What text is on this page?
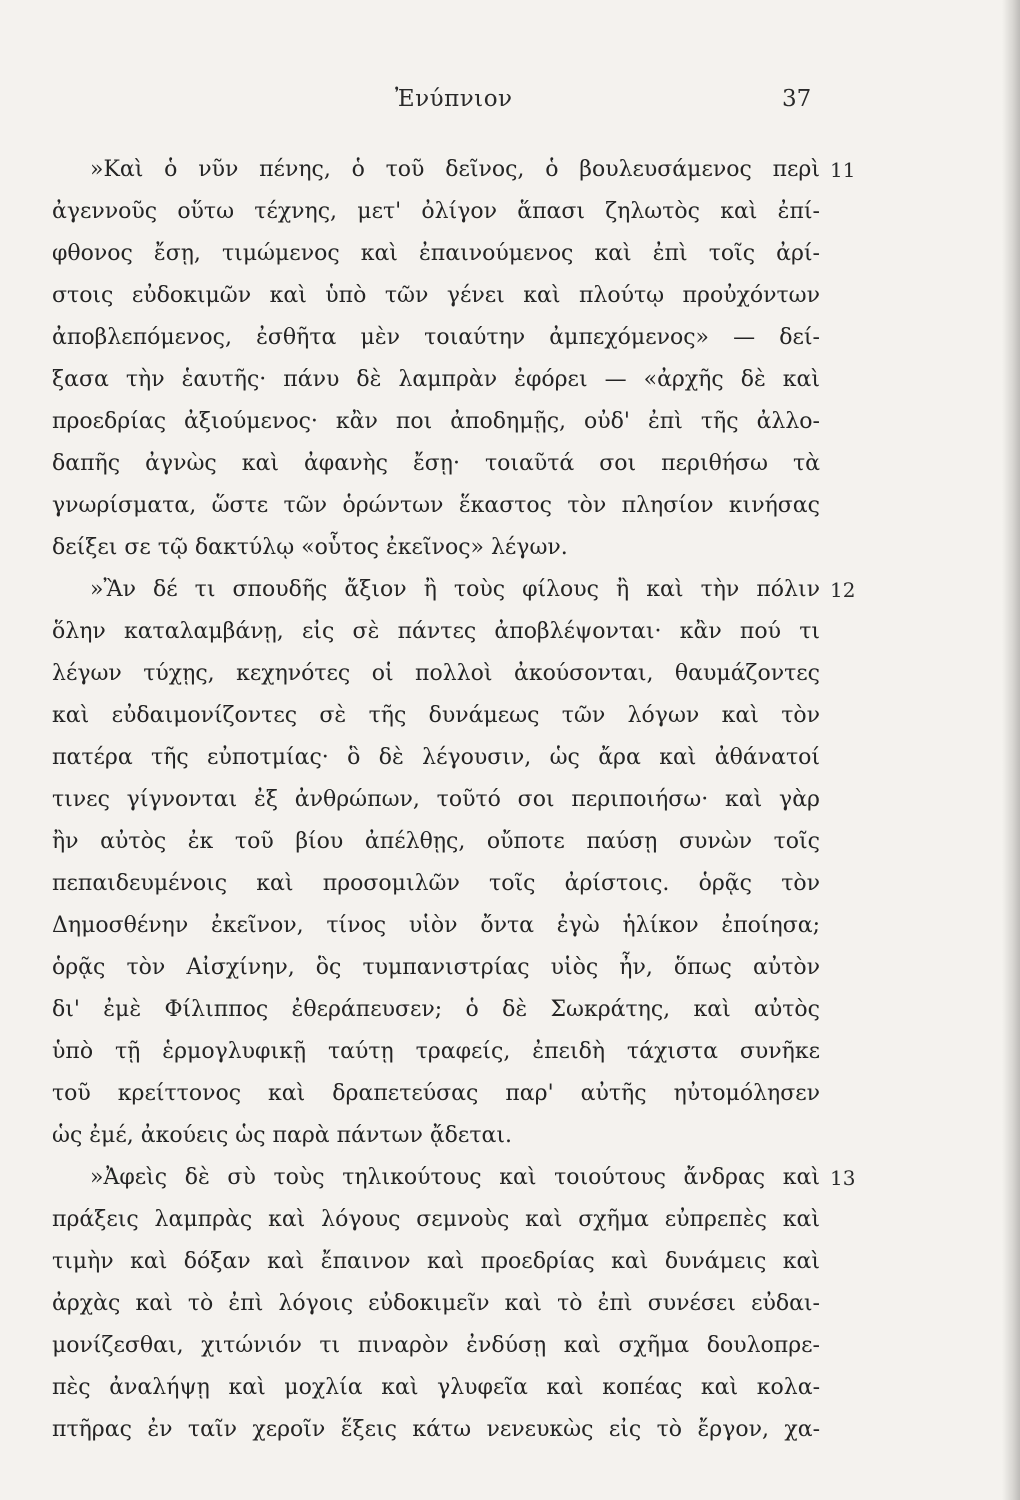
Ἐνύπνιον	37
»Καὶ ὁ νῦν πένης, ὁ τοῦ δεῖνος, ὁ βουλευσάμενος περὶ 11
ἀγεννοῦς οὕτω τέχνης, μετ' ὀλίγον ἅπασι ζηλωτὸς καὶ ἐπί-
φθονος ἔσῃ, τιμώμενος καὶ ἐπαινούμενος καὶ ἐπὶ τοῖς ἀρί-
στοις εὐδοκιμῶν καὶ ὑπὸ τῶν γένει καὶ πλούτῳ προὐχόντων
ἀποβλεπόμενος, ἐσθῆτα μὲν τοιαύτην ἀμπεχόμενος» — δεί-
ξασα τὴν ἑαυτῆς· πάνυ δὲ λαμπρὰν ἐφόρει — «ἀρχῆς δὲ καὶ
προεδρίας ἀξιούμενος· κἂν ποι ἀποδημῇς, οὐδ' ἐπὶ τῆς ἀλλο-
δαπῆς ἀγνὼς καὶ ἀφανὴς ἔσῃ· τοιαῦτά σοι περιθήσω τὰ
γνωρίσματα, ὥστε τῶν ὁρώντων ἕκαστος τὸν πλησίον κινήσας
δείξει σε τῷ δακτύλῳ «οὗτος ἐκεῖνος» λέγων.
»Ἂν δέ τι σπουδῆς ἄξιον ἢ τοὺς φίλους ἢ καὶ τὴν πόλιν 12
ὅλην καταλαμβάνῃ, εἰς σὲ πάντες ἀποβλέψονται· κἂν πού τι
λέγων τύχῃς, κεχηνότες οἱ πολλοὶ ἀκούσονται, θαυμάζοντες
καὶ εὐδαιμονίζοντες σὲ τῆς δυνάμεως τῶν λόγων καὶ τὸν
πατέρα τῆς εὐποτμίας· ὃ δὲ λέγουσιν, ὡς ἄρα καὶ ἀθάνατοί
τινες γίγνονται ἐξ ἀνθρώπων, τοῦτό σοι περιποιήσω· καὶ γὰρ
ἢν αὐτὸς ἐκ τοῦ βίου ἀπέλθῃς, οὔποτε παύσῃ συνὼν τοῖς
πεπαιδευμένοις καὶ προσομιλῶν τοῖς ἀρίστοις. ὁρᾷς τὸν
Δημοσθένην ἐκεῖνον, τίνος υἱὸν ὄντα ἐγὼ ἡλίκον ἐποίησα;
ὁρᾷς τὸν Αἰσχίνην, ὃς τυμπανιστρίας υἱὸς ἦν, ὅπως αὐτὸν
δι' ἐμὲ Φίλιππος ἐθεράπευσεν; ὁ δὲ Σωκράτης, καὶ αὐτὸς
ὑπὸ τῇ ἑρμογλυφικῇ ταύτῃ τραφείς, ἐπειδὴ τάχιστα συνῆκε
τοῦ κρείττονος καὶ δραπετεύσας παρ' αὐτῆς ηὐτομόλησεν
ὡς ἐμέ, ἀκούεις ὡς παρὰ πάντων ᾄδεται.
»Ἀφεὶς δὲ σὺ τοὺς τηλικούτους καὶ τοιούτους ἄνδρας καὶ 13
πράξεις λαμπρὰς καὶ λόγους σεμνοὺς καὶ σχῆμα εὐπρεπὲς καὶ
τιμὴν καὶ δόξαν καὶ ἔπαινον καὶ προεδρίας καὶ δυνάμεις καὶ
ἀρχὰς καὶ τὸ ἐπὶ λόγοις εὐδοκιμεῖν καὶ τὸ ἐπὶ συνέσει εὐδαι-
μονίζεσθαι, χιτώνιόν τι πιναρὸν ἐνδύσῃ καὶ σχῆμα δουλοπρε-
πὲς ἀναλήψῃ καὶ μοχλία καὶ γλυφεῖα καὶ κοπέας καὶ κολα-
πτῆρας ἐν ταῖν χεροῖν ἕξεις κάτω νενευκὼς εἰς τὸ ἔργον, χα-
